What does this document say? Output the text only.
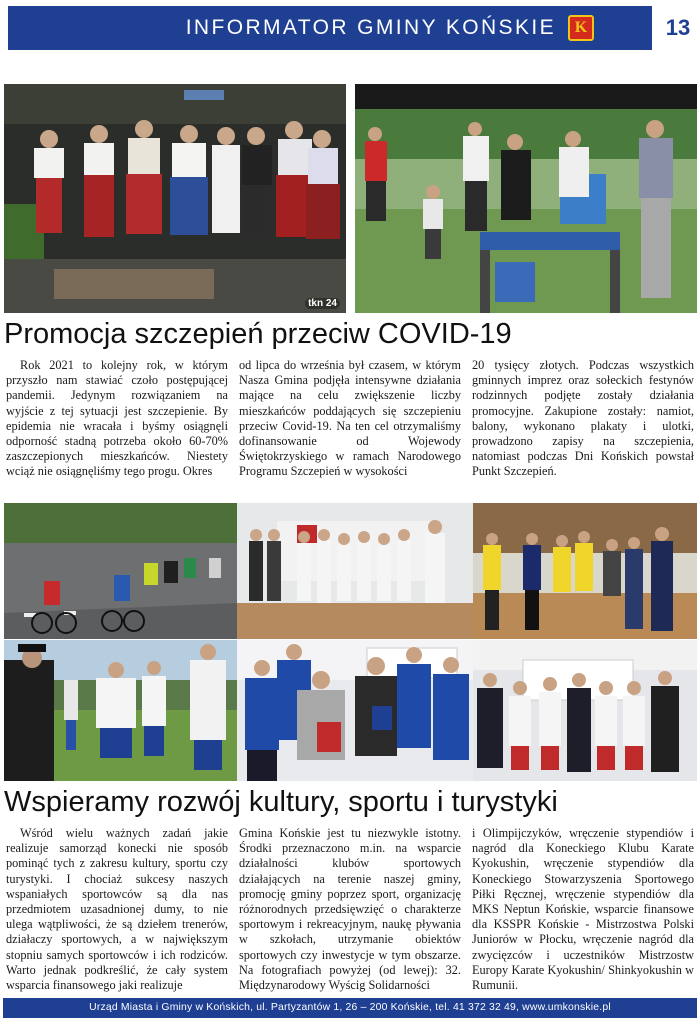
INFORMATOR GMINY KOŃSKIE K	13
tkn 24
Promocja szczepień przeciw COVID-19

Rok 2021 to kolejny rok, w którym przyszło nam stawiać czoło postępującej pandemii. Jedynym rozwiązaniem na wyjście z tej sytuacji jest szczepienie. By epidemia nie wracała i byśmy osiągnęli odporność stadną potrzeba około 60-70% zaszczepionych mieszkańców. Niestety wciąż nie osiągnęliśmy tego progu. Okres

od lipca do września był czasem, w którym Nasza Gmina podjęła intensywne działania mające na celu zwiększenie liczby mieszkańców poddających się szczepieniu przeciw Covid-19. Na ten cel otrzymaliśmy dofinansowanie od Wojewody Świętokrzyskiego w ramach Narodowego Programu Szczepień w wysokości

20 tysięcy złotych. Podczas wszystkich gminnych imprez oraz sołeckich festynów rodzinnych podjęte zostały działania promocyjne. Zakupione zostały: namiot, balony, wykonano plakaty i ulotki, prowadzono zapisy na szczepienia, natomiast podczas Dni Końskich powstał Punkt Szczepień.

Wspieramy rozwój kultury, sportu i turystyki

Wśród wielu ważnych zadań jakie realizuje samorząd konecki nie sposób pominąć tych z zakresu kultury, sportu czy turystyki. I chociaż sukcesy naszych wspaniałych sportowców są dla nas przedmiotem uzasadnionej dumy, to nie ulega wątpliwości, że są dziełem trenerów, działaczy sportowych, a w największym stopniu samych sportowców i ich rodziców. Warto jednak podkreślić, że cały system wsparcia finansowego jaki realizuje

Gmina Końskie jest tu niezwykle istotny. Środki przeznaczono m.in. na wsparcie działalności klubów sportowych działających na terenie naszej gminy, promocję gminy poprzez sport, organizację różnorodnych przedsięwzięć o charakterze sportowym i rekreacyjnym, naukę pływania w szkołach, utrzymanie obiektów sportowych czy inwestycje w tym obszarze. Na fotografiach powyżej (od lewej): 32. Międzynarodowy Wyścig Solidarności

i Olimpijczyków, wręczenie stypendiów i nagród dla Koneckiego Klubu Karate Kyokushin, wręczenie stypendiów dla Koneckiego Stowarzyszenia Sportowego Piłki Ręcznej, wręczenie stypendiów dla MKS Neptun Końskie, wsparcie finansowe dla KSSPR Końskie - Mistrzostwa Polski Juniorów w Płocku, wręczenie nagród dla zwycięzców i uczestników Mistrzostw Europy Karate Kyokushin/ Shinkyokushin w Rumunii.

Urząd Miasta i Gminy w Końskich, ul. Partyzantów 1, 26 – 200 Końskie, tel. 41 372 32 49, www.umkonskie.pl
